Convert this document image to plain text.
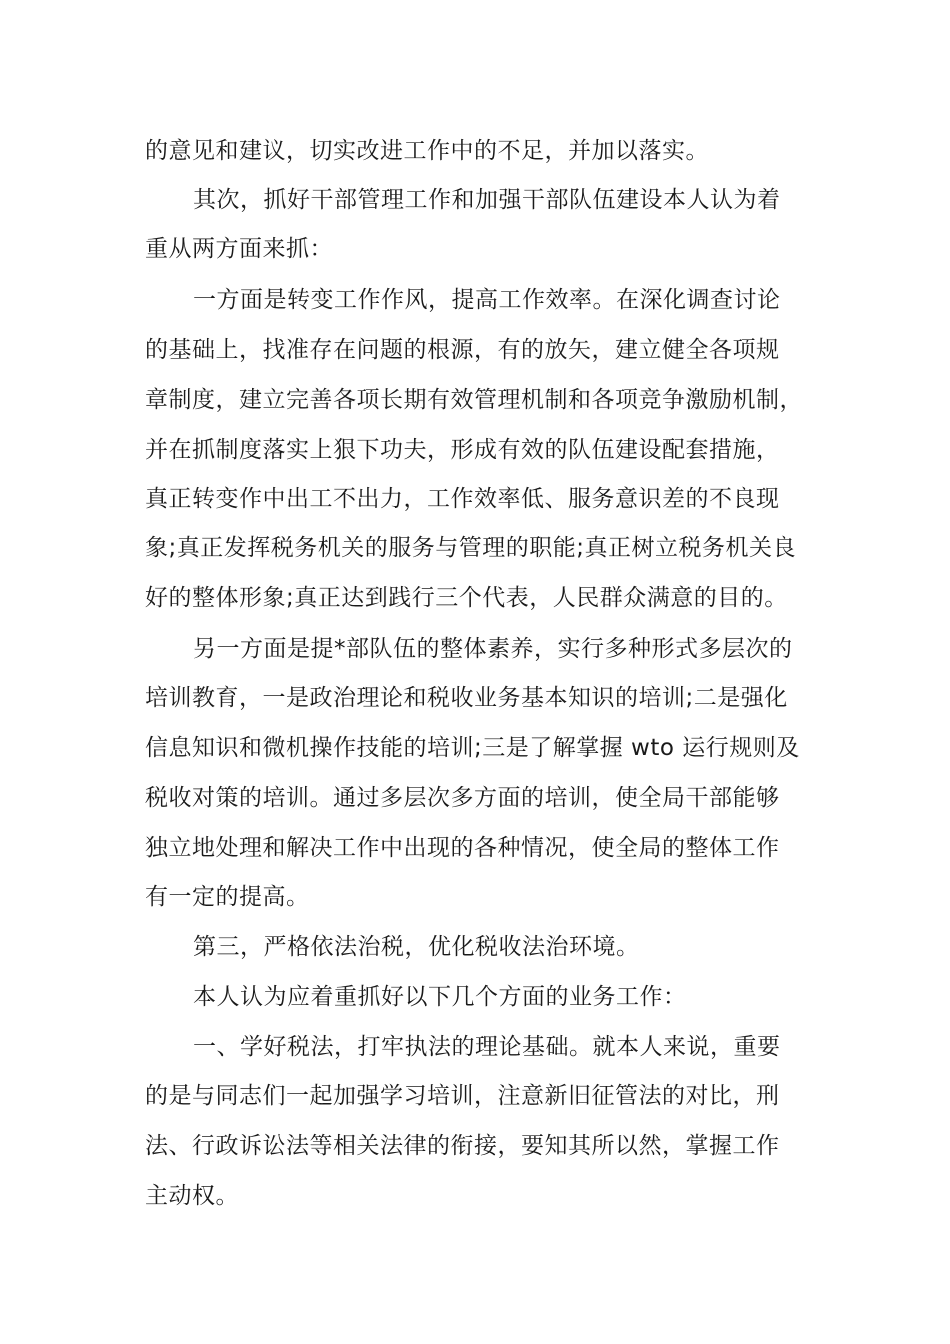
的意见和建议，切实改进工作中的不足，并加以落实。
其次，抓好干部管理工作和加强干部队伍建设本人认为着
重从两方面来抓：
一方面是转变工作作风，提高工作效率。在深化调查讨论
的基础上，找准存在问题的根源，有的放矢，建立健全各项规
章制度，建立完善各项长期有效管理机制和各项竞争激励机制，
并在抓制度落实上狠下功夫，形成有效的队伍建设配套措施，
真正转变作中出工不出力，工作效率低、服务意识差的不良现
象;真正发挥税务机关的服务与管理的职能;真正树立税务机关良
好的整体形象;真正达到践行三个代表，人民群众满意的目的。
另一方面是提*部队伍的整体素养，实行多种形式多层次的
培训教育，一是政治理论和税收业务基本知识的培训;二是强化
信息知识和微机操作技能的培训;三是了解掌握 wto 运行规则及
税收对策的培训。通过多层次多方面的培训，使全局干部能够
独立地处理和解决工作中出现的各种情况，使全局的整体工作
有一定的提高。
第三，严格依法治税，优化税收法治环境。
本人认为应着重抓好以下几个方面的业务工作：
一、学好税法，打牢执法的理论基础。就本人来说，重要
的是与同志们一起加强学习培训，注意新旧征管法的对比，刑
法、行政诉讼法等相关法律的衔接，要知其所以然，掌握工作
主动权。
